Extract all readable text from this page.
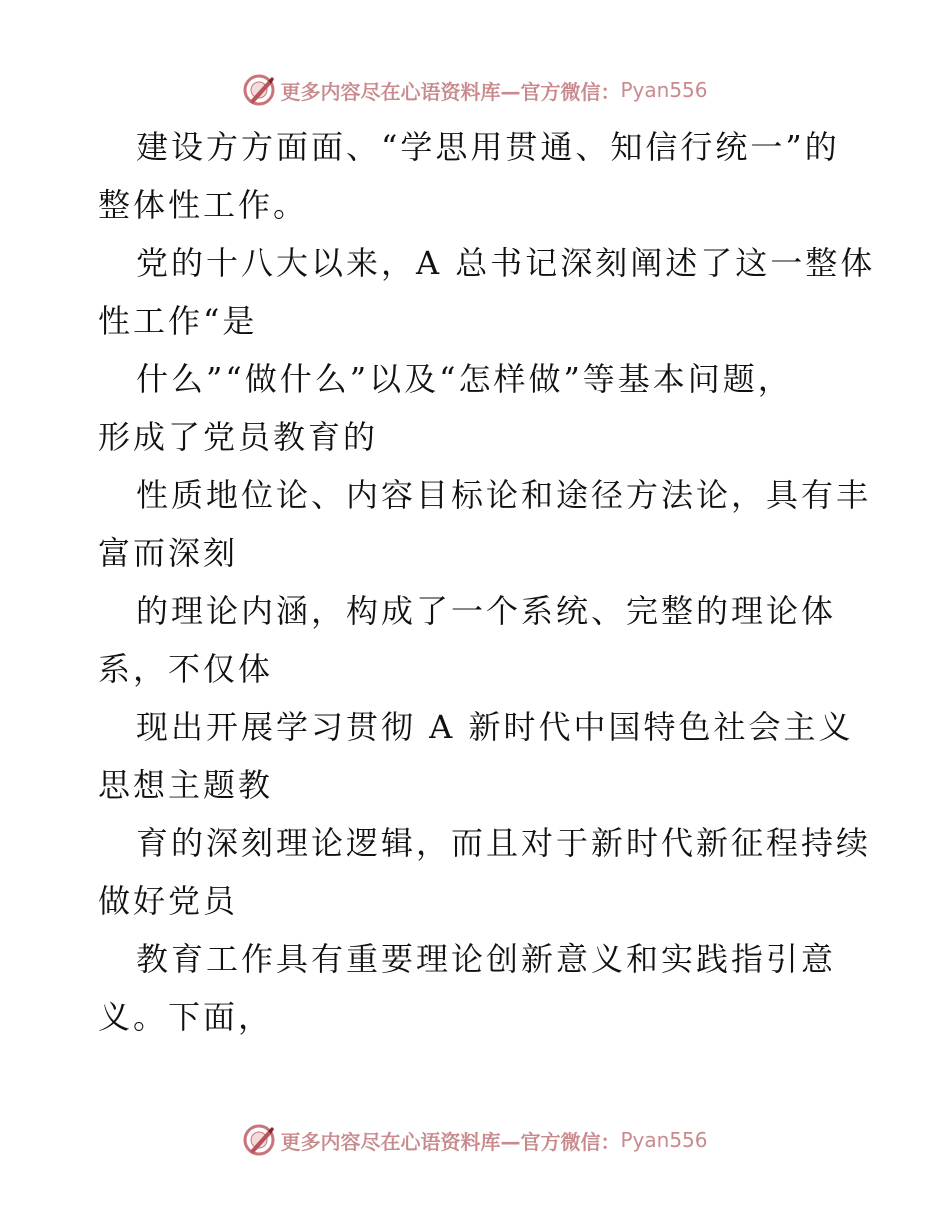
更多内容尽在心语资料库—官方微信： Pyan556
建设方方面面、“学思用贯通、知信行统一”的
整体性工作。
党的十八大以来，A 总书记深刻阐述了这一整体
性工作“是
什么”“做什么”以及“怎样做”等基本问题，
形成了党员教育的
性质地位论、内容目标论和途径方法论，具有丰
富而深刻
的理论内涵，构成了一个系统、完整的理论体
系，不仅体
现出开展学习贯彻 A 新时代中国特色社会主义
思想主题教
育的深刻理论逻辑，而且对于新时代新征程持续
做好党员
教育工作具有重要理论创新意义和实践指引意
义。下面，
更多内容尽在心语资料库—官方微信： Pyan556
